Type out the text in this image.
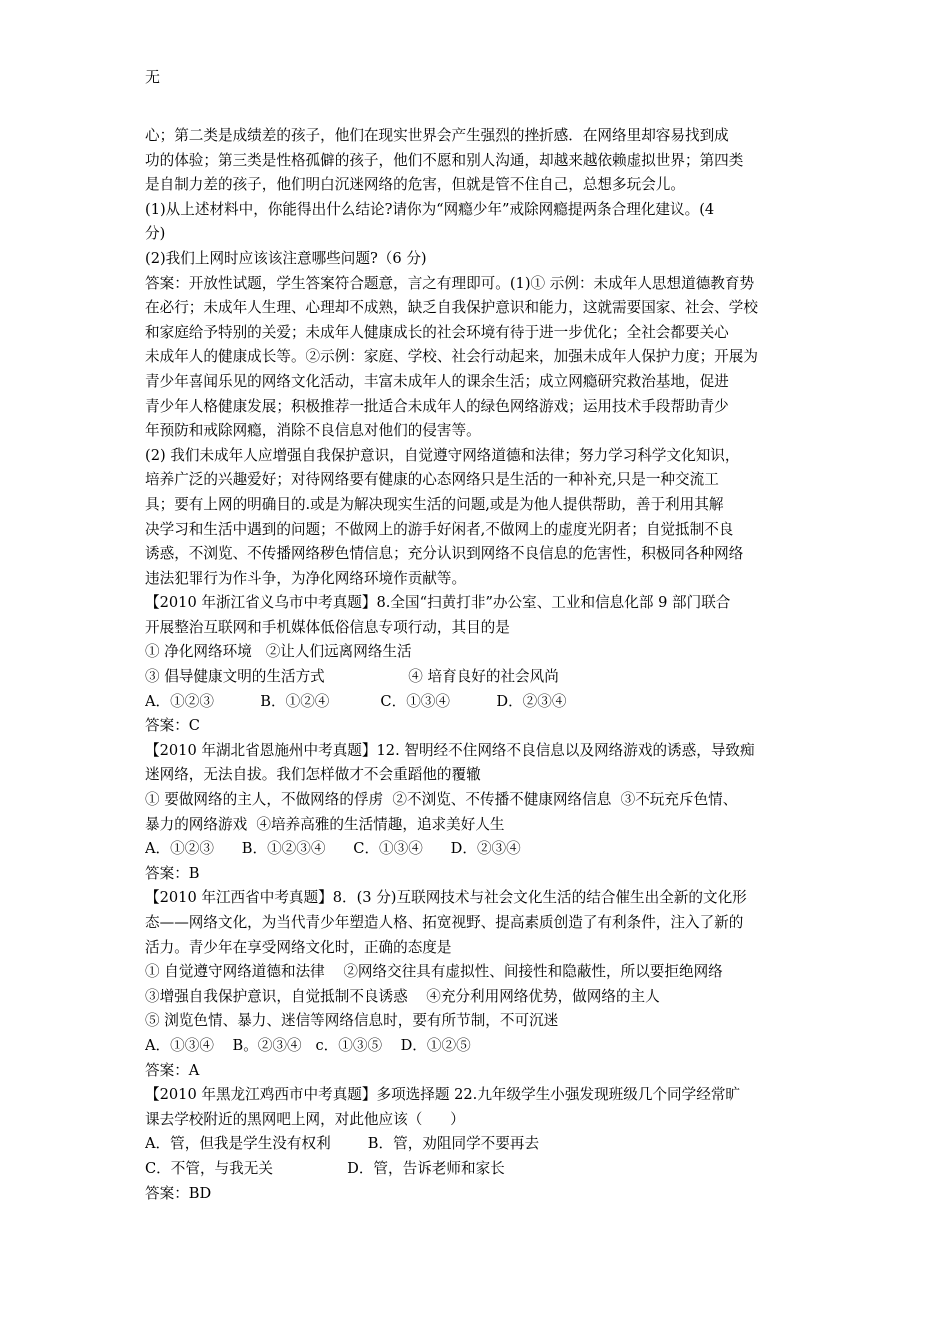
无
心；第二类是成绩差的孩子，他们在现实世界会产生强烈的挫折感．在网络里却容易找到成
功的体验；第三类是性格孤僻的孩子，他们不愿和别人沟通，却越来越依赖虚拟世界；第四类
是自制力差的孩子，他们明白沉迷网络的危害，但就是管不住自己，总想多玩会儿。
(1)从上述材料中，你能得出什么结论?请你为“网瘾少年”戒除网瘾提两条合理化建议。(4
分)
(2)我们上网时应该该注意哪些问题?（6 分)
答案：开放性试题，学生答案符合题意，言之有理即可。(1)① 示例：未成年人思想道德教育势
在必行；未成年人生理、心理却不成熟，缺乏自我保护意识和能力，这就需要国家、社会、学校
和家庭给予特别的关爱；未成年人健康成长的社会环境有待于进一步优化；全社会都要关心
未成年人的健康成长等。②示例：家庭、学校、社会行动起来，加强未成年人保护力度；开展为
青少年喜闻乐见的网络文化活动，丰富未成年人的课余生活；成立网瘾研究救治基地，促进
青少年人格健康发展；积极推荐一批适合未成年人的绿色网络游戏；运用技术手段帮助青少
年预防和戒除网瘾，消除不良信息对他们的侵害等。
(2) 我们未成年人应增强自我保护意识，自觉遵守网络道德和法律；努力学习科学文化知识，
培养广泛的兴趣爱好；对待网络要有健康的心态网络只是生活的一种补充,只是一种交流工
具；要有上网的明确目的.或是为解决现实生活的问题,或是为他人提供帮助，善于利用其解
决学习和生活中遇到的问题；不做网上的游手好闲者,不做网上的虚度光阴者；自觉抵制不良
诱惑，不浏览、不传播网络秽色情信息；充分认识到网络不良信息的危害性，积极同各种网络
违法犯罪行为作斗争，为净化网络环境作贡献等。
【2010 年浙江省义乌市中考真题】8.全国“扫黄打非”办公室、工业和信息化部 9 部门联合
开展整治互联网和手机媒体低俗信息专项行动，其目的是
① 净化网络环境   ②让人们远离网络生活
③ 倡导健康文明的生活方式                  ④ 培育良好的社会风尚
A．①②③          B．①②④           C．①③④          D．②③④
答案：C
【2010 年湖北省恩施州中考真题】12. 智明经不住网络不良信息以及网络游戏的诱惑，导致痴
迷网络，无法自拔。我们怎样做才不会重蹈他的覆辙
① 要做网络的主人，不做网络的俘虏  ②不浏览、不传播不健康网络信息  ③不玩充斥色情、
暴力的网络游戏  ④培养高雅的生活情趣，追求美好人生
A．①②③      B．①②③④      C．①③④      D．②③④
答案：B
【2010 年江西省中考真题】8．(3 分)互联网技术与社会文化生活的结合催生出全新的文化形
态——网络文化，为当代青少年塑造人格、拓宽视野、提高素质创造了有利条件，注入了新的
活力。青少年在享受网络文化时，正确的态度是
① 自觉遵守网络道德和法律    ②网络交往具有虚拟性、间接性和隐蔽性，所以要拒绝网络
③增强自我保护意识，自觉抵制不良诱惑    ④充分利用网络优势，做网络的主人
⑤ 浏览色情、暴力、迷信等网络信息时，要有所节制，不可沉迷
A．①③④    B。②③④   c．①③⑤    D．①②⑤
答案：A
【2010 年黑龙江鸡西市中考真题】多项选择题 22.九年级学生小强发现班级几个同学经常旷
课去学校附近的黑网吧上网，对此他应该（      ）
A．管，但我是学生没有权利        B．管，劝阻同学不要再去
C．不管，与我无关                D．管，告诉老师和家长
答案：BD
